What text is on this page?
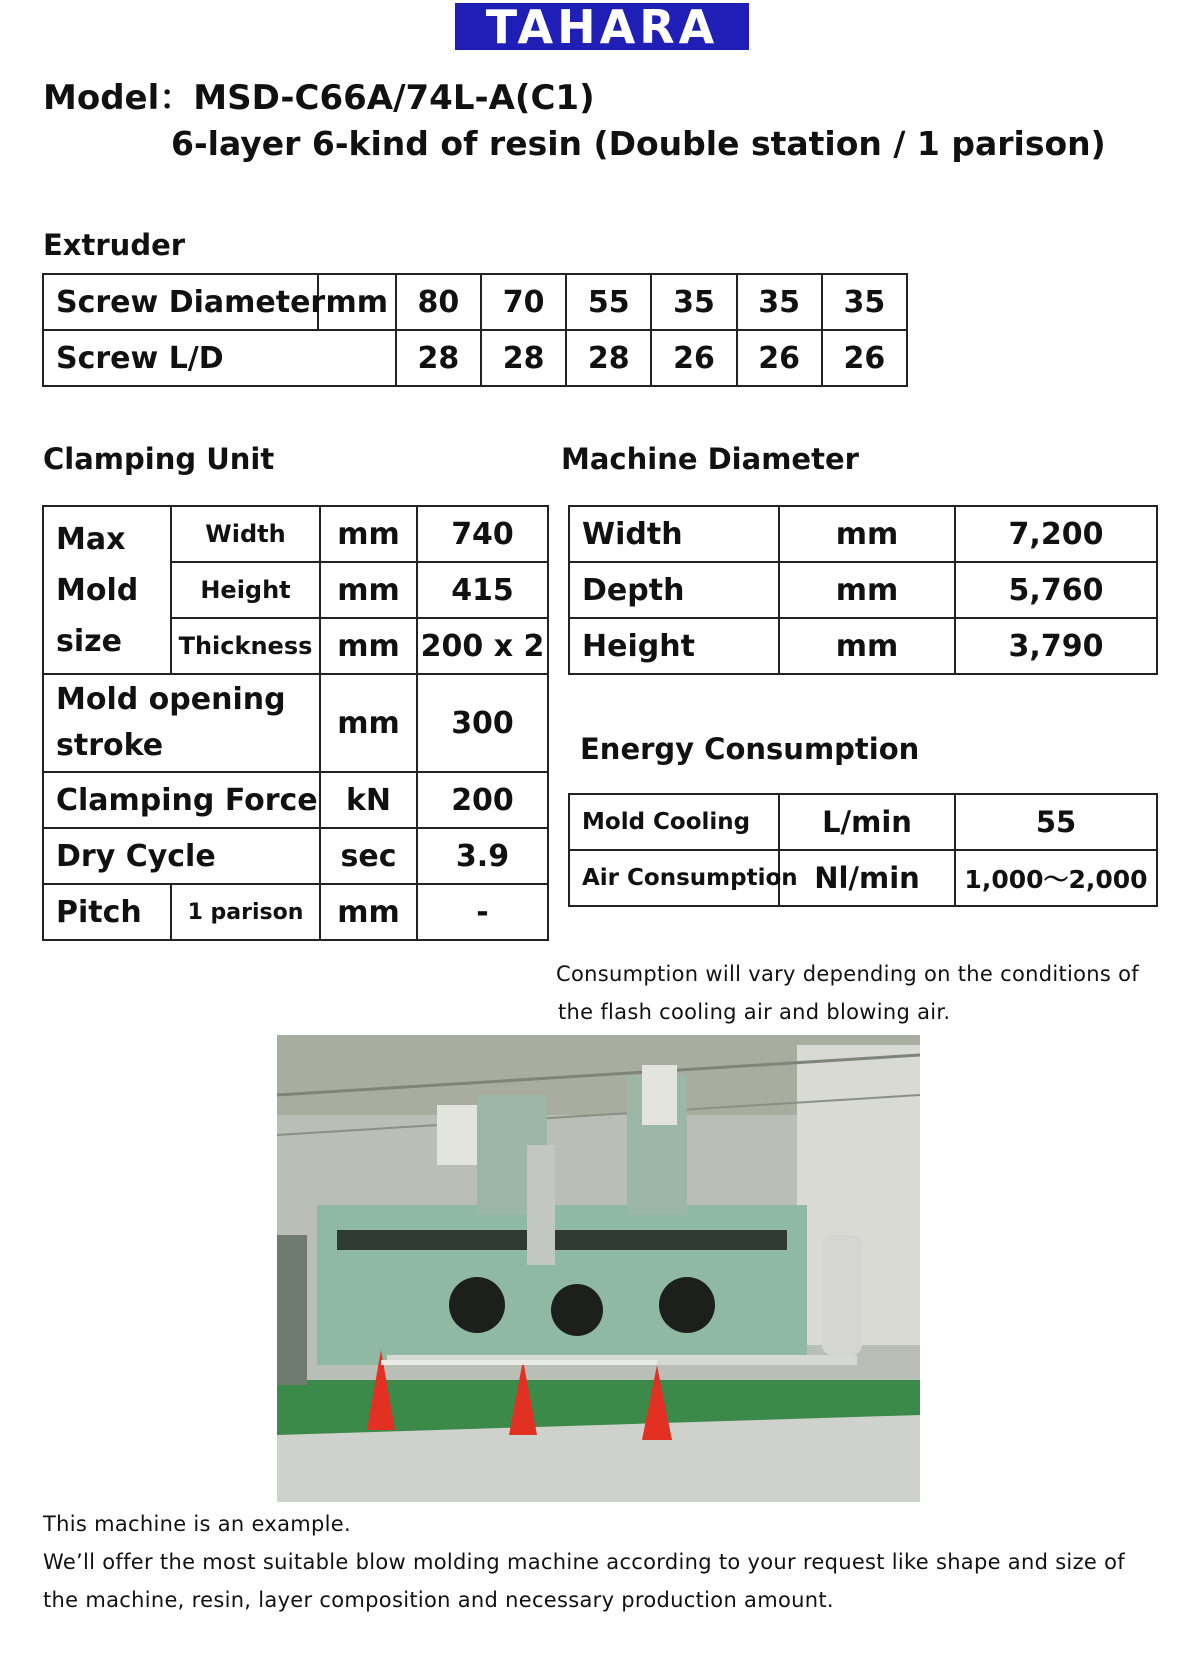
TAHARA
Model：MSD-C66A/74L-A(C1)
6-layer 6-kind of resin (Double station / 1 parison)
Extruder
Screw Diameter	mm	80	70	55	35	35	35
Screw L/D		28	28	28	26	26	26
Clamping Unit
Max
Mold
size	Width	mm	740
	Height	mm	415
	Thickness	mm	200 x 2

Mold opening
stroke		mm	300
Clamping Force		kN	200
Dry Cycle		sec	3.9
Pitch	1 parison	mm	-
Machine Diameter
Width	mm	7,200
Depth	mm	5,760
Height	mm	3,790
Energy Consumption
Mold Cooling	L/min	55
Air Consumption	Nl/min	1,000～2,000
Consumption will vary depending on the conditions of
the flash cooling air and blowing air.
This machine is an example.
We’ll offer the most suitable blow molding machine according to your request like shape and size of the machine, resin, layer composition and necessary production amount.
